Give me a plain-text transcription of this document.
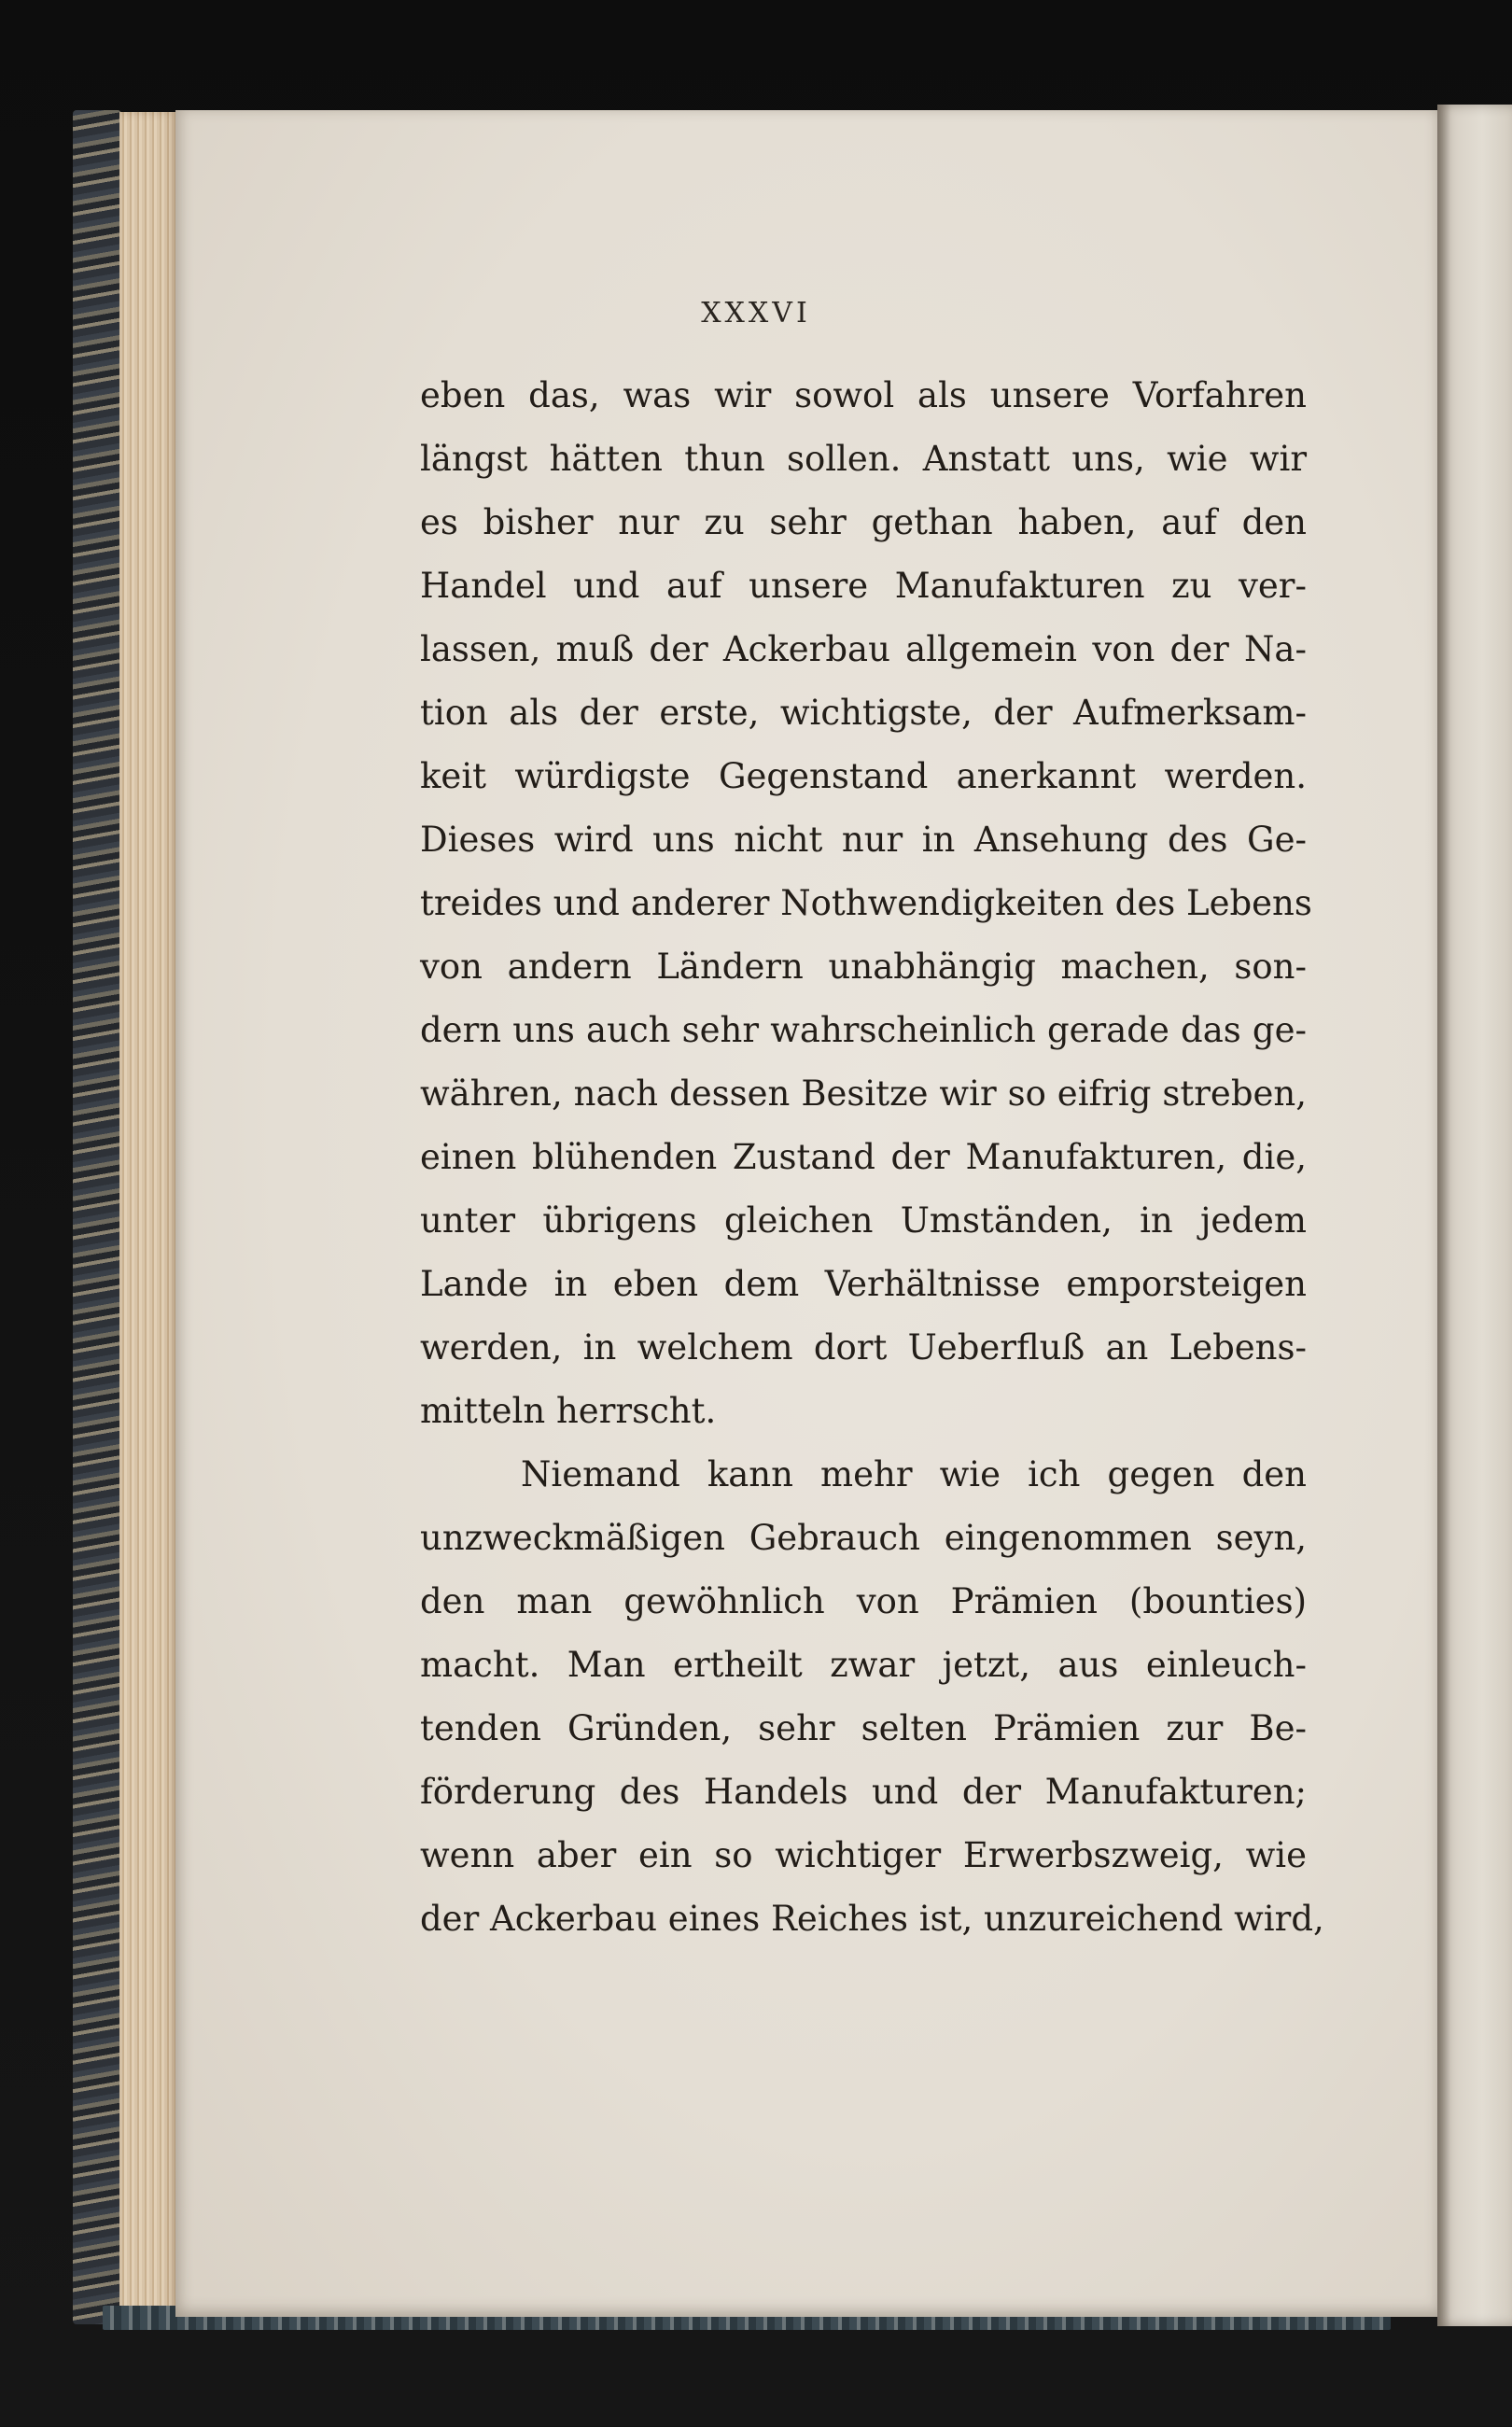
XXXVI
eben das, was wir sowol als unsere Vorfahren
längst hätten thun sollen. Anstatt uns, wie wir
es bisher nur zu sehr gethan haben, auf den
Handel und auf unsere Manufakturen zu ver-
lassen, muß der Ackerbau allgemein von der Na-
tion als der erste, wichtigste, der Aufmerksam-
keit würdigste Gegenstand anerkannt werden.
Dieses wird uns nicht nur in Ansehung des Ge-
treides und anderer Nothwendigkeiten des Lebens
von andern Ländern unabhängig machen, son-
dern uns auch sehr wahrscheinlich gerade das ge-
währen, nach dessen Besitze wir so eifrig streben,
einen blühenden Zustand der Manufakturen, die,
unter übrigens gleichen Umständen, in jedem
Lande in eben dem Verhältnisse emporsteigen
werden, in welchem dort Ueberfluß an Lebens-
mitteln herrscht.
Niemand kann mehr wie ich gegen den
unzweckmäßigen Gebrauch eingenommen seyn,
den man gewöhnlich von Prämien (bounties)
macht. Man ertheilt zwar jetzt, aus einleuch-
tenden Gründen, sehr selten Prämien zur Be-
förderung des Handels und der Manufakturen;
wenn aber ein so wichtiger Erwerbszweig, wie
der Ackerbau eines Reiches ist, unzureichend wird,
